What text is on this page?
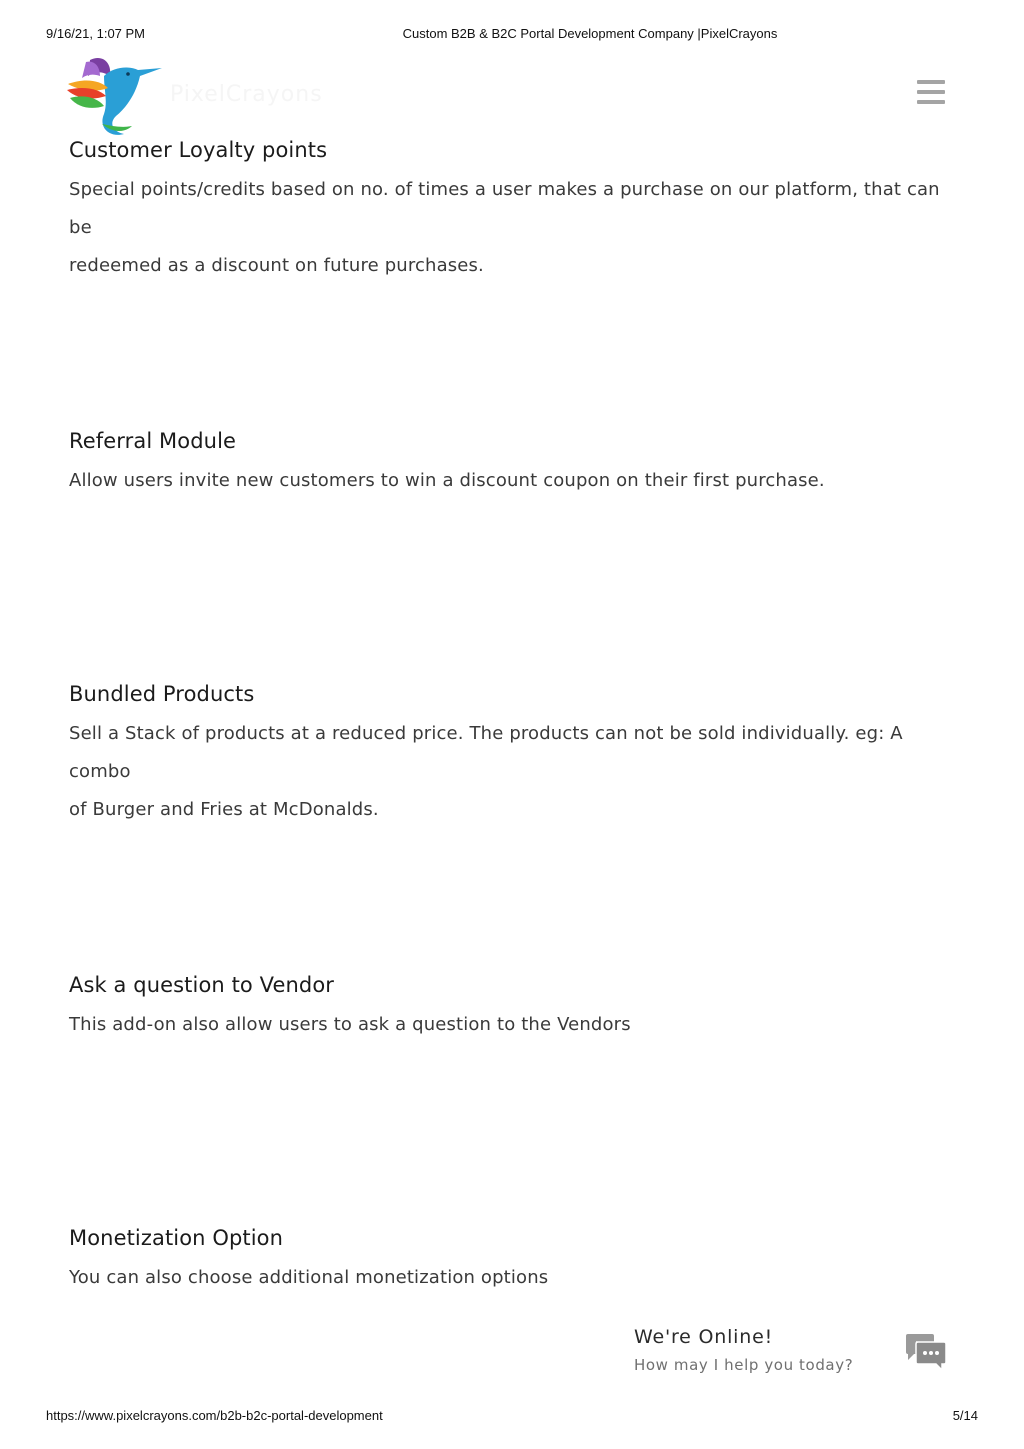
9/16/21, 1:07 PM	Custom B2B & B2C Portal Development Company |PixelCrayons
PixelCrayons
Customer Loyalty points

Special points/credits based on no. of times a user makes a purchase on our platform, that can be
redeemed as a discount on future purchases.

Referral Module

Allow users invite new customers to win a discount coupon on their first purchase.

Bundled Products

Sell a Stack of products at a reduced price. The products can not be sold individually. eg: A combo
of Burger and Fries at McDonalds.

Ask a question to Vendor

This add-on also allow users to ask a question to the Vendors

Monetization Option

You can also choose additional monetization options

We're Online!
How may I help you today?
https://www.pixelcrayons.com/b2b-b2c-portal-development	5/14
